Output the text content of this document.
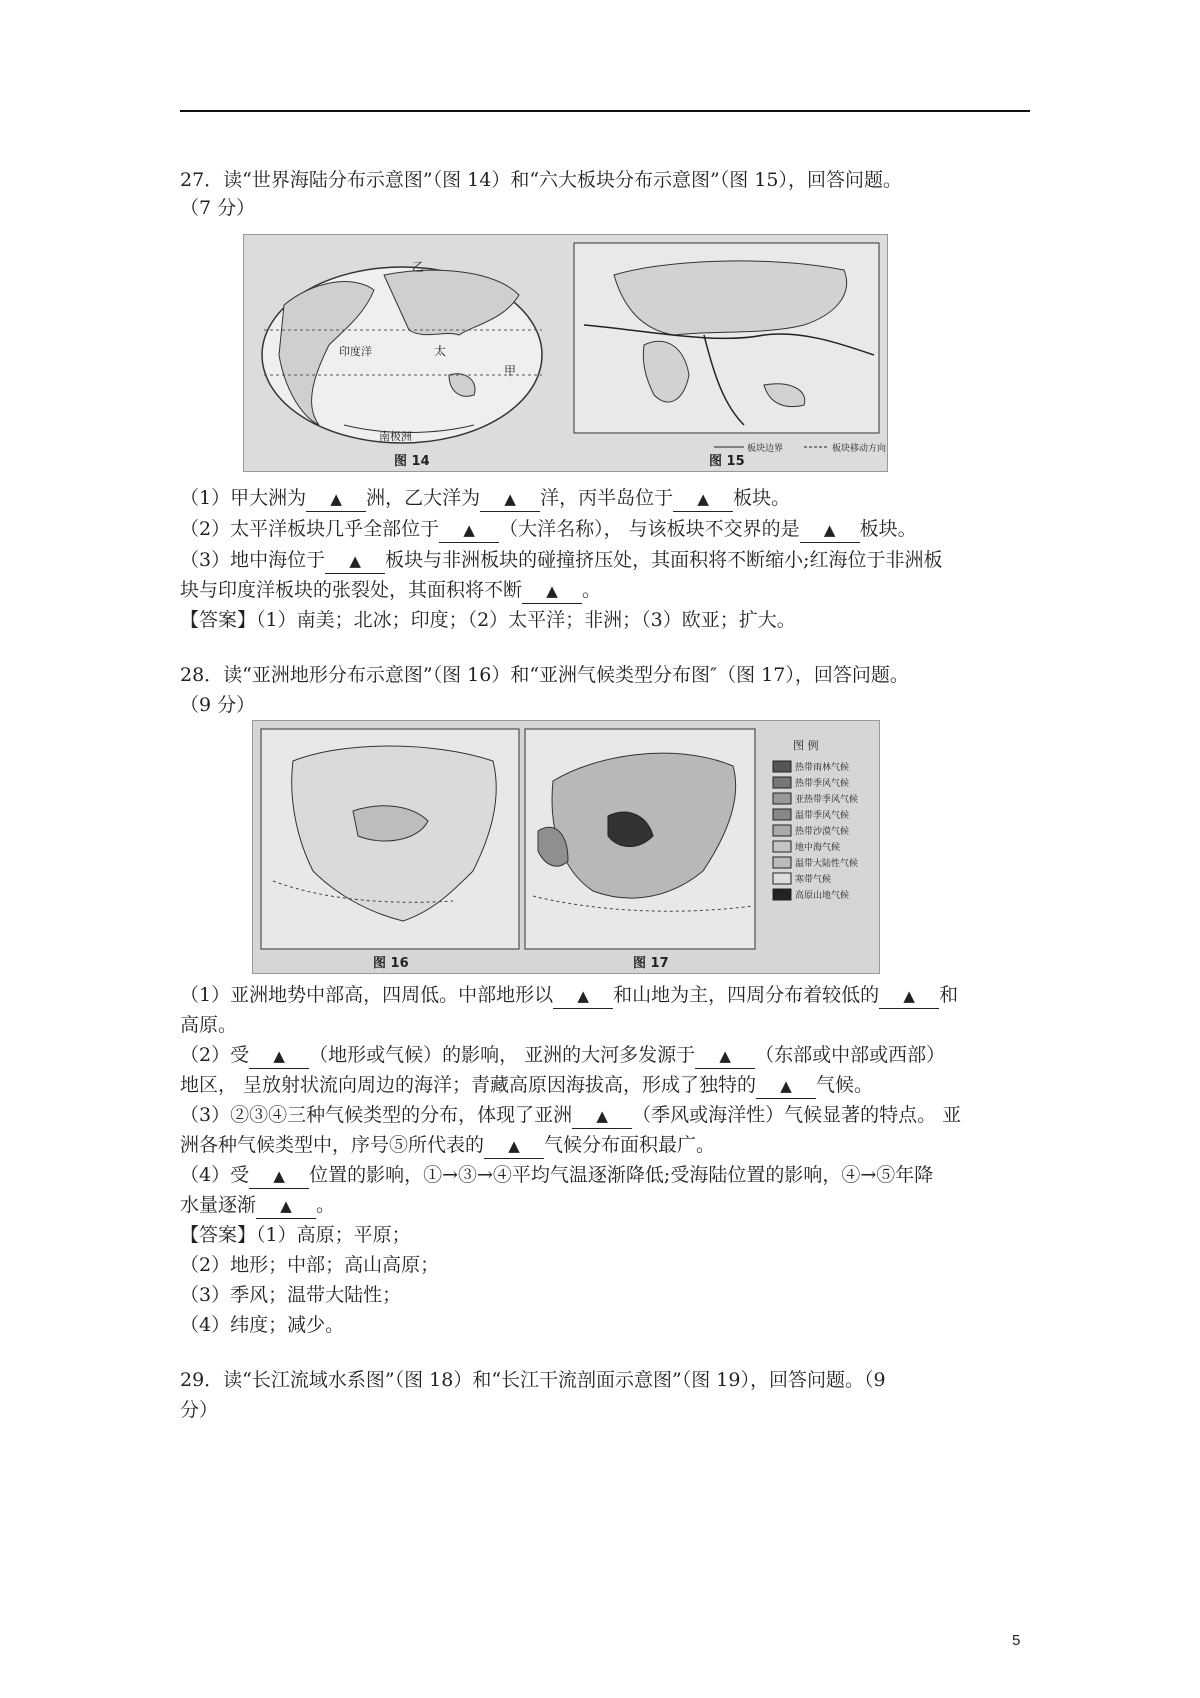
27．读“世界海陆分布示意图”（图 14）和“六大板块分布示意图”（图 15），回答问题。
（7 分）
乙
印度洋	太
甲
南极洲
图 14
板块边界	板块移动方向
图 15
（1）甲大洲为 ▲ 洲，乙大洋为 ▲ 洋，丙半岛位于 ▲ 板块。
（2）太平洋板块几乎全部位于 ▲ （大洋名称）， 与该板块不交界的是 ▲ 板块。
（3）地中海位于 ▲ 板块与非洲板块的碰撞挤压处，其面积将不断缩小;红海位于非洲板
块与印度洋板块的张裂处，其面积将不断 ▲ 。
【答案】（1）南美；北冰；印度；（2）太平洋；非洲；（3）欧亚；扩大。
28．读“亚洲地形分布示意图”（图 16）和“亚洲气候类型分布图″（图 17），回答问题。
（9 分）
图 16	图 17
图 例
热带雨林气候
热带季风气候
亚热带季风气候
温带季风气候
热带沙漠气候
地中海气候
温带大陆性气候
寒带气候
高原山地气候
（1）亚洲地势中部高，四周低。中部地形以 ▲ 和山地为主，四周分布着较低的 ▲ 和
高原。
（2）受 ▲ （地形或气候）的影响， 亚洲的大河多发源于 ▲ （东部或中部或西部）
地区， 呈放射状流向周边的海洋；青藏高原因海拔高，形成了独特的 ▲ 气候。
（3）②③④三种气候类型的分布，体现了亚洲 ▲ （季风或海洋性）气候显著的特点。 亚
洲各种气候类型中，序号⑤所代表的 ▲ 气候分布面积最广。
（4）受 ▲ 位置的影响，①→③→④平均气温逐渐降低;受海陆位置的影响，④→⑤年降
水量逐渐 ▲ 。
【答案】（1）高原；平原；
（2）地形；中部；高山高原；
（3）季风；温带大陆性；
（4）纬度；减少。
29．读“长江流域水系图”（图 18）和“长江干流剖面示意图”（图 19），回答问题。（9
分）
5
